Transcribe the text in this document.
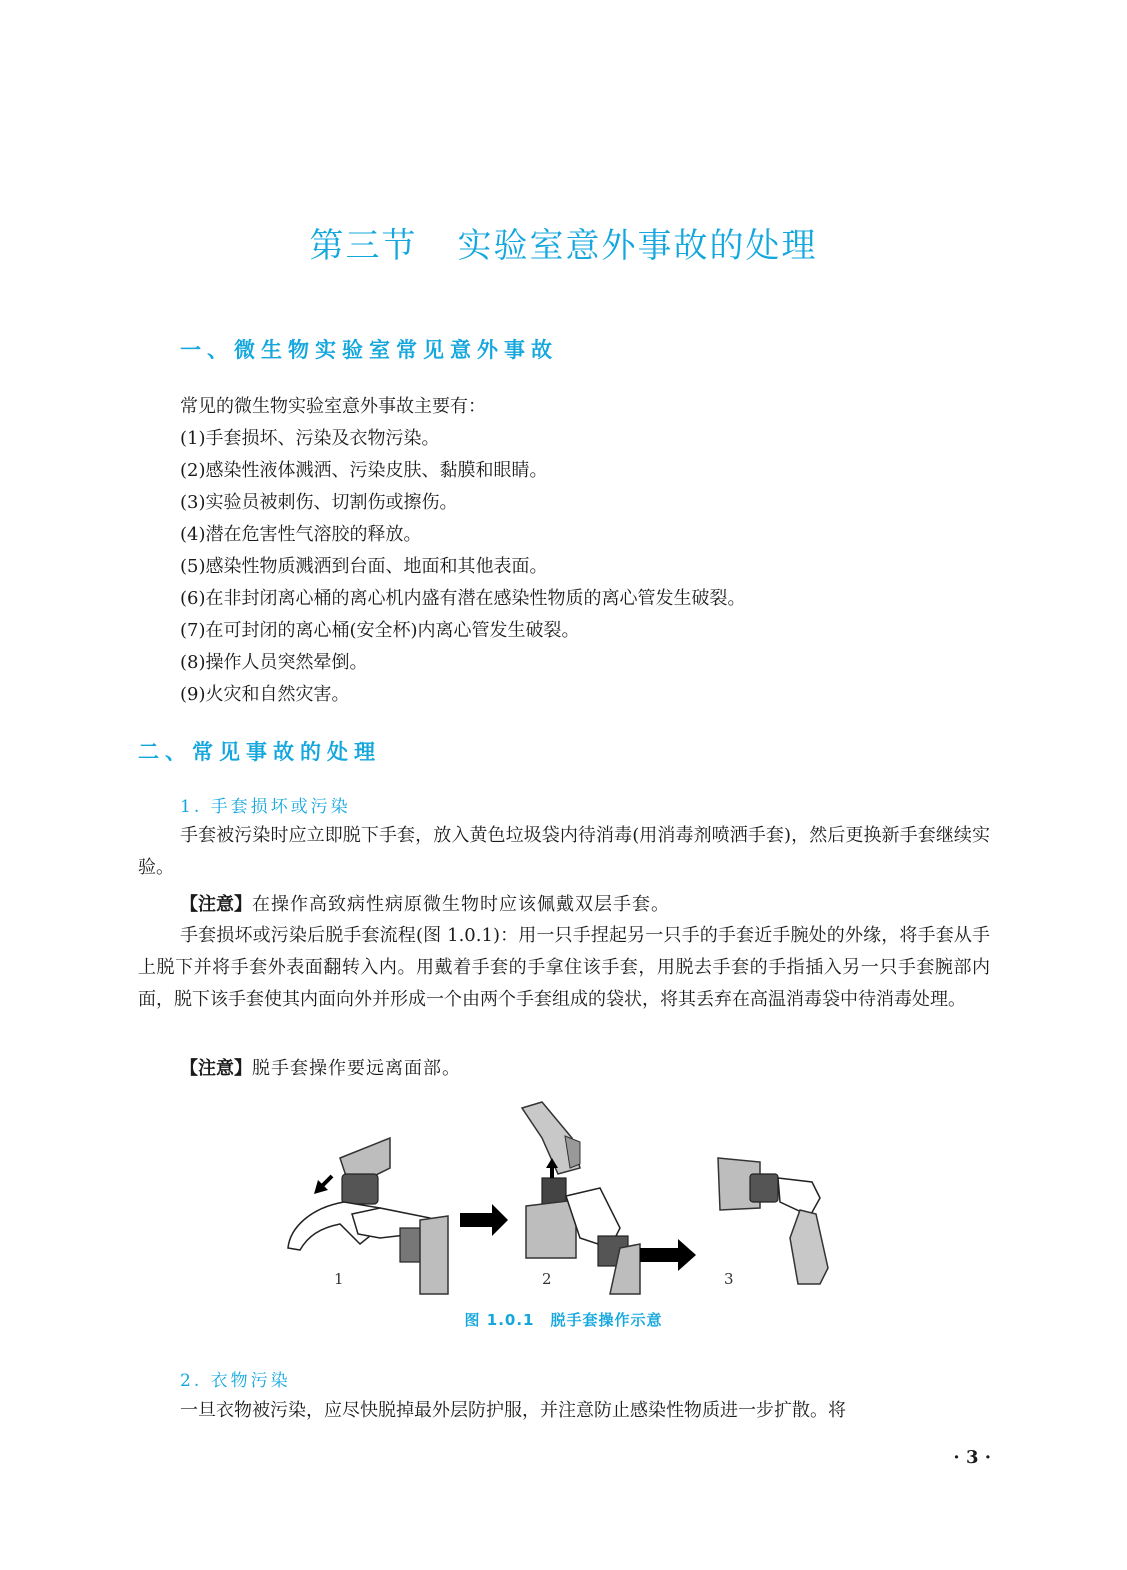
第三节 实验室意外事故的处理
一、微生物实验室常见意外事故

常见的微生物实验室意外事故主要有：

(1)手套损坏、污染及衣物污染。

(2)感染性液体溅洒、污染皮肤、黏膜和眼睛。

(3)实验员被刺伤、切割伤或擦伤。

(4)潜在危害性气溶胶的释放。

(5)感染性物质溅洒到台面、地面和其他表面。

(6)在非封闭离心桶的离心机内盛有潜在感染性物质的离心管发生破裂。

(7)在可封闭的离心桶(安全杯)内离心管发生破裂。

(8)操作人员突然晕倒。

(9)火灾和自然灾害。

二、常见事故的处理
1. 手套损坏或污染

手套被污染时应立即脱下手套，放入黄色垃圾袋内待消毒(用消毒剂喷洒手套)，然后更换新手套继续实验。

【注意】在操作高致病性病原微生物时应该佩戴双层手套。

手套损坏或污染后脱手套流程(图 1.0.1)：用一只手捏起另一只手的手套近手腕处的外缘，将手套从手上脱下并将手套外表面翻转入内。用戴着手套的手拿住该手套，用脱去手套的手指插入另一只手套腕部内面，脱下该手套使其内面向外并形成一个由两个手套组成的袋状，将其丢弃在高温消毒袋中待消毒处理。

【注意】脱手套操作要远离面部。

1	2	3
图 1.0.1　脱手套操作示意
2. 衣物污染

一旦衣物被污染，应尽快脱掉最外层防护服，并注意防止感染性物质进一步扩散。将

· 3 ·
